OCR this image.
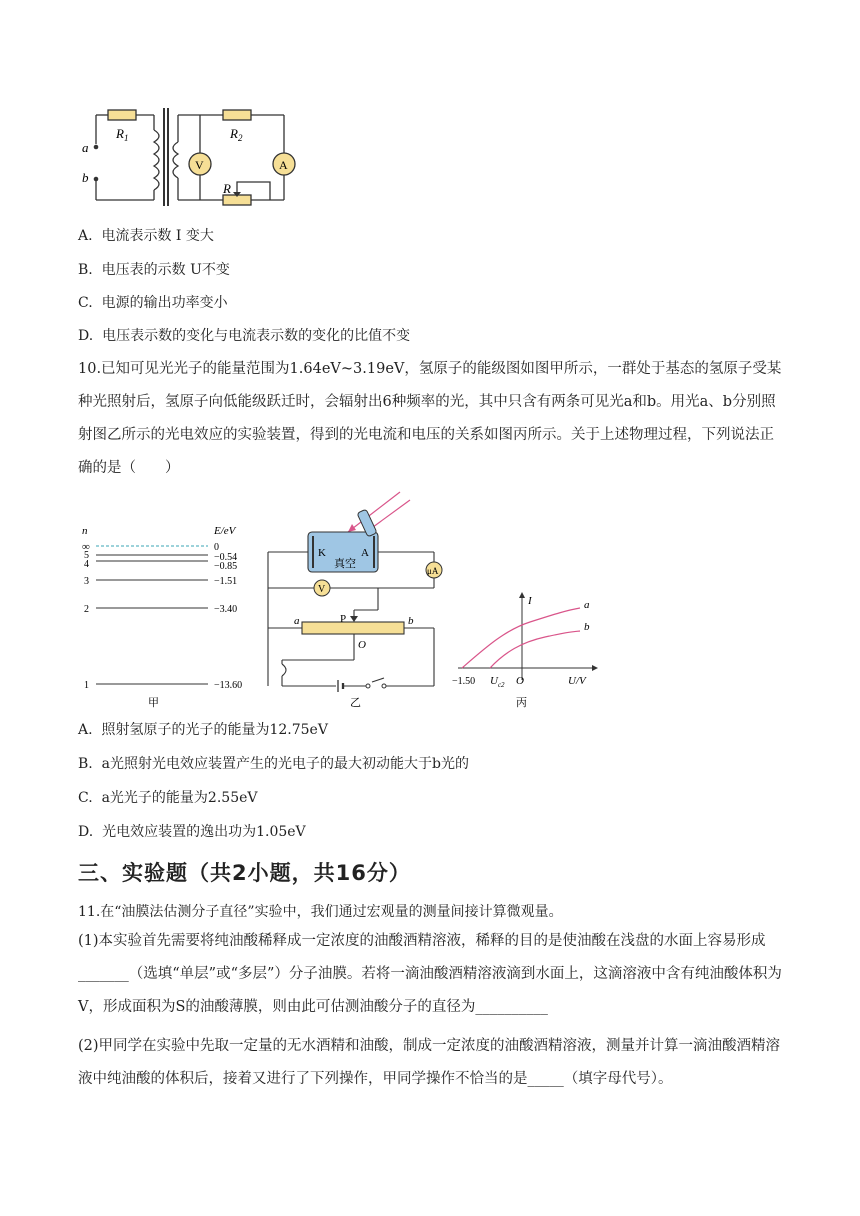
$R_1$	$R_2$
R
a
b
V	A
A. 电流表示数 I 变大
B. 电压表的示数 U不变
C. 电源的输出功率变小
D. 电压表示数的变化与电流表示数的变化的比值不变
10.已知可见光光子的能量范围为1.64eV~3.19eV，氢原子的能级图如图甲所示，一群处于基态的氢原子受某种光照射后，氢原子向低能级跃迁时，会辐射出6种频率的光，其中只含有两条可见光a和b。用光a、b分别照射图乙所示的光电效应的实验装置，得到的光电流和电压的关系如图丙所示。关于上述物理过程，下列说法正确的是（　　）
n	E/eV
∞
5
4
3
2
1
0
−0.54
−0.85
−1.51
−3.40
−13.60
甲
K	A
真空
μA
V
P
O
a	b
乙
I
U/V
O
−1.50 $U_{c2}$
a
b
丙
A. 照射氢原子的光子的能量为12.75eV
B. a光照射光电效应装置产生的光电子的最大初动能大于b光的
C. a光光子的能量为2.55eV
D. 光电效应装置的逸出功为1.05eV
三、实验题（共2小题，共16分）
11.在“油膜法估测分子直径”实验中，我们通过宏观量的测量间接计算微观量。
(1)本实验首先需要将纯油酸稀释成一定浓度的油酸酒精溶液，稀释的目的是使油酸在浅盘的水面上容易形成_______（选填“单层”或“多层”）分子油膜。若将一滴油酸酒精溶液滴到水面上，这滴溶液中含有纯油酸体积为V，形成面积为S的油酸薄膜，则由此可估测油酸分子的直径为__________
(2)甲同学在实验中先取一定量的无水酒精和油酸，制成一定浓度的油酸酒精溶液，测量并计算一滴油酸酒精溶液中纯油酸的体积后，接着又进行了下列操作，甲同学操作不恰当的是_____（填字母代号）。
